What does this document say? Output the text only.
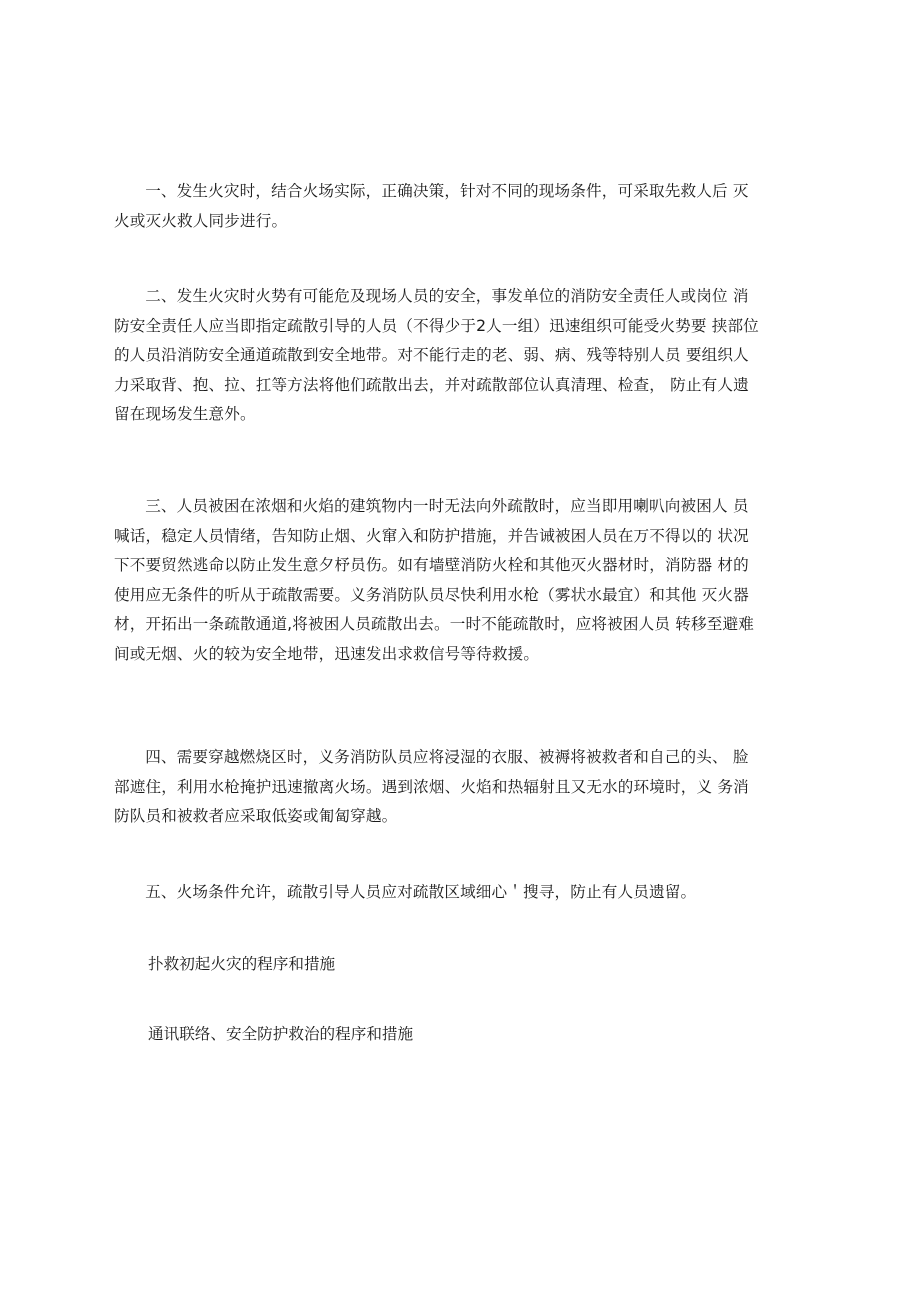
一、发生火灾时，结合火场实际，正确决策，针对不同的现场条件，可采取先救人后 灭
火或灭火救人同步进行。
二、发生火灾时火势有可能危及现场人员的安全，事发单位的消防安全责任人或岗位 消
防安全责任人应当即指定疏散引导的人员（不得少于2人一组）迅速组织可能受火势要 挟部位
的人员沿消防安全通道疏散到安全地带。对不能行走的老、弱、病、残等特别人员 要组织人
力采取背、抱、拉、扛等方法将他们疏散出去，并对疏散部位认真清理、检查， 防止有人遗
留在现场发生意外。
三、人员被困在浓烟和火焰的建筑物内一时无法向外疏散时，应当即用喇叭向被困人 员
喊话，稳定人员情绪，告知防止烟、火窜入和防护措施，并告诫被困人员在万不得以的 状况
下不要贸然逃命以防止发生意夕杼员伤。如有墙壁消防火栓和其他灭火器材时，消防器 材的
使用应无条件的听从于疏散需要。义务消防队员尽快利用水枪（雾状水最宜）和其他 灭火器
材，开拓出一条疏散通道,将被困人员疏散出去。一时不能疏散时，应将被困人员 转移至避难
间或无烟、火的较为安全地带，迅速发出求救信号等待救援。
四、需要穿越燃烧区时，义务消防队员应将浸湿的衣服、被褥将被救者和自己的头、 脸
部遮住，利用水枪掩护迅速撤离火场。遇到浓烟、火焰和热辐射且又无水的环境时，义 务消
防队员和被救者应采取低姿或匍匐穿越。
五、火场条件允许，疏散引导人员应对疏散区域细心＇搜寻，防止有人员遗留。
扑救初起火灾的程序和措施
通讯联络、安全防护救治的程序和措施
